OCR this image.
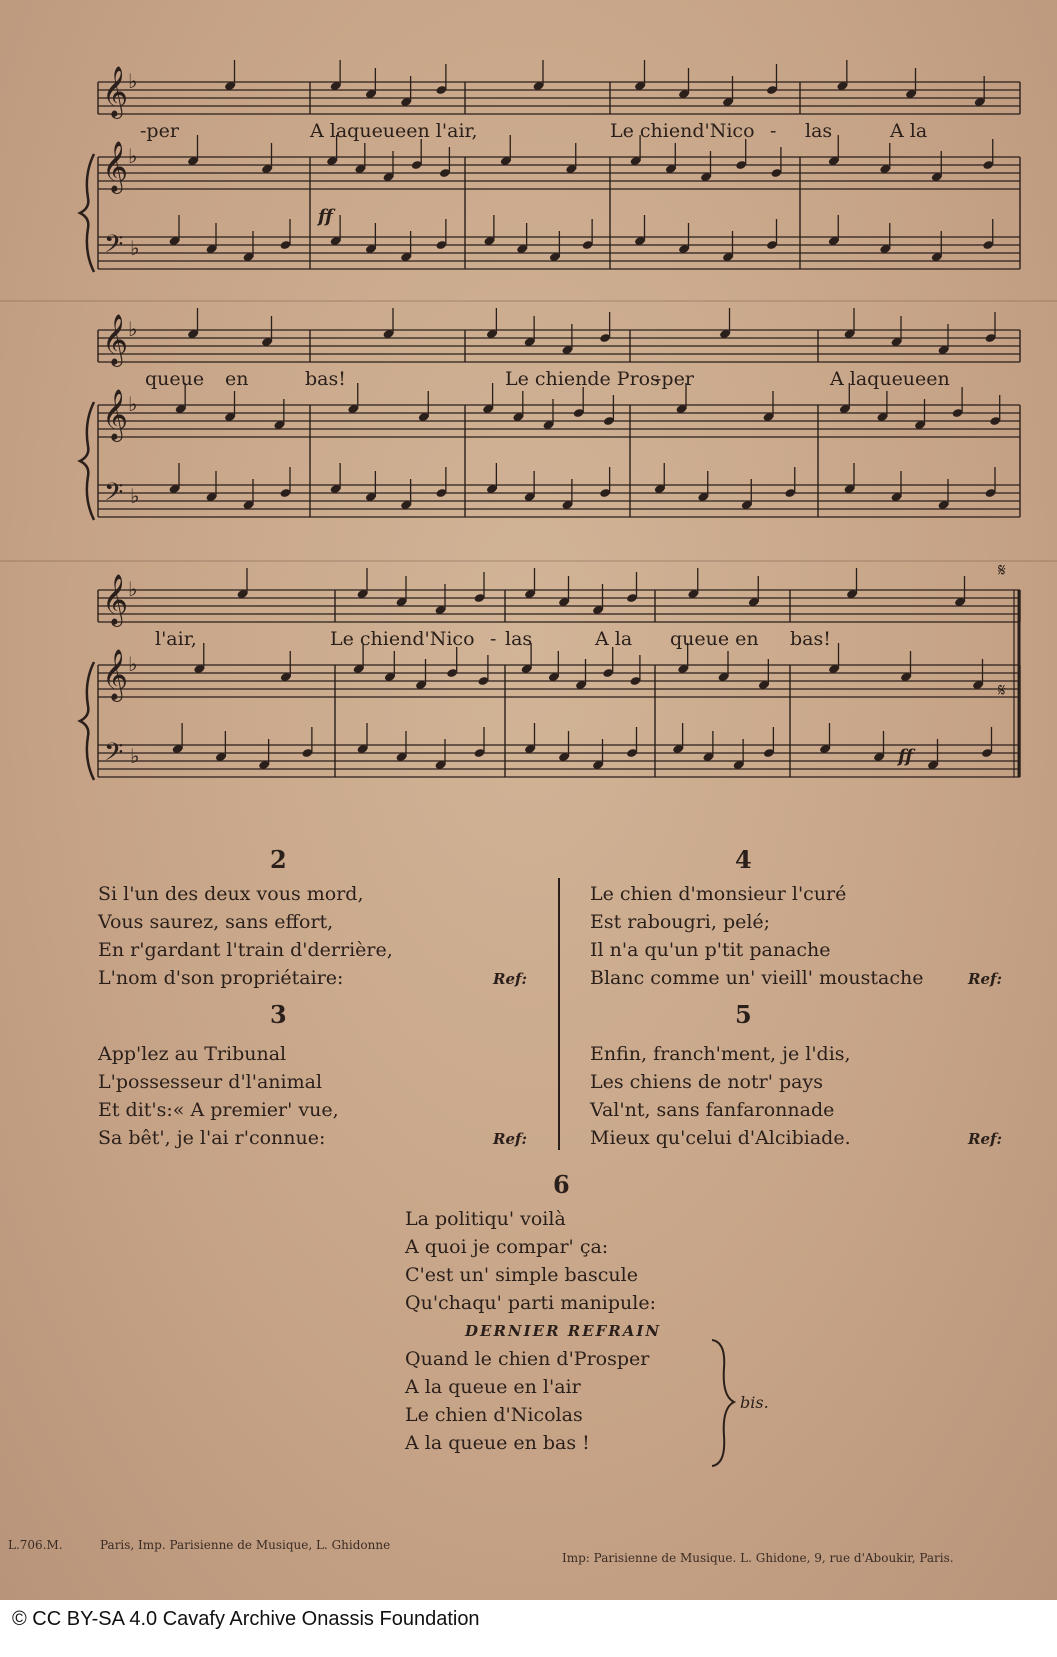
𝄞 ♭
𝄞 ♭
𝄢 ♭
𝄞 ♭
𝄞 ♭
𝄢 ♭
𝄞 ♭
𝄞 ♭
𝄢 ♭
ff
ff
-per	A laqueueen l'air,	Le chiend'Nico - las	A la
queue en	bas!	Le chiende Pros
-per	A laqueueen
l'air,	Le chiend'Nico - las	A la queue en bas!
𝄋
𝄋
2
Si l'un des deux vous mord,
Vous saurez, sans effort,
En r'gardant l'train d'derrière,
L'nom d'son propriétaire:	Ref:
3
App'lez au Tribunal
L'possesseur d'l'animal
Et dit's:« A premier' vue,
Sa bêt', je l'ai r'connue:	Ref:
4
Le chien d'monsieur l'curé
Est rabougri, pelé;
Il n'a qu'un p'tit panache
Blanc comme un' vieill' moustache	Ref:
5
Enfin, franch'ment, je l'dis,
Les chiens de notr' pays
Val'nt, sans fanfaronnade
Mieux qu'celui d'Alcibiade.	Ref:
6
La politiqu' voilà
A quoi je compar' ça:
C'est un' simple bascule
Qu'chaqu' parti manipule:
DERNIER REFRAIN
Quand le chien d'Prosper
A la queue en l'air
Le chien d'Nicolas
A la queue en bas !
bis.
L.706.M.	Paris, Imp. Parisienne de Musique, L. Ghidonne
Imp: Parisienne de Musique. L. Ghidone, 9, rue d'Aboukir, Paris.
© CC BY-SA 4.0 Cavafy Archive Onassis Foundation
